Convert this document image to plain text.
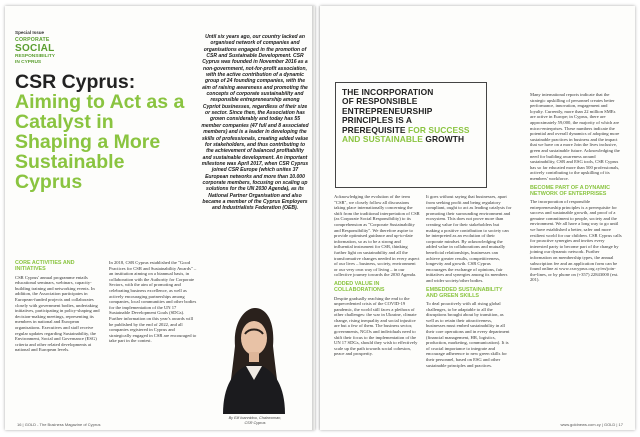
Special Issue
CORPORATE
SOCIAL
RESPONSIBILITY
IN CYPRUS
CSR Cyprus: Aiming to Act as a Catalyst in Shaping a More Sustainable Cyprus

Until six years ago, our country lacked an organised network of companies and organisations engaged in the promotion of CSR and Sustainable Development. CSR Cyprus was founded in November 2016 as a non-government, not-for-profit association, with the active contribution of a dynamic group of 24 founding companies, with the aim of raising awareness and promoting the concepts of corporate sustainability and responsible entrepreneurship among Cypriot businesses, regardless of their size or sector. Since then, the Association has grown considerably and today has 55 member companies (47 full and 8 associated members) and is a leader in developing the skills of professionals, creating added value for stakeholders, and thus contributing to the achievement of balanced profitability and sustainable development. An important milestone was April 2017, when CSR Cyprus joined CSR Europe (which unites 37 European networks and more than 10.000 corporate members, focusing on scaling up solutions for the UN 2030 Agenda), as its National Partner Organisation and also became a member of the Cyprus Employers and Industrialists Federation (OEB).

By Elli Ioannidou, Chairwoman,
CSR Cyprus

CORE ACTIVITIES AND INITIATIVES

CSR Cyprus' annual programme entails educational seminars, webinars, capacity-building training and networking events. In addition, the Association participates in European-funded projects and collaborates closely with government bodies, undertaking initiatives, participating in policy-shaping and decision-making meetings, representing its members in national and European organisations. Executives and staff receive regular updates regarding Sustainability, the Environment, Social and Governance (ESG) criteria and other related developments at national and European levels.

In 2018, CSR Cyprus established the "Good Practices for CSR and Sustainability Awards" – an institution aiming on a biannual basis, in collaboration with the Authority for Corporate Sectors, with the aim of promoting and celebrating business excellence, as well as actively encouraging partnerships among companies, local communities and other bodies for the implementation of the UN 17 Sustainable Development Goals (SDGs). Further information on this year's awards will be published by the end of 2022, and all companies registered in Cyprus and strategically engaged in CSR are encouraged to take part in the contest.

16 | GOLD - The Business Magazine of Cyprus
THE INCORPORATION
OF RESPONSIBLE
ENTREPRENEURSHIP
PRINCIPLES IS A
PREREQUISITE FOR SUCCESS
AND SUSTAINABLE GROWTH

Acknowledging the evolution of the term "CSR", we closely follow all discussions taking place internationally concerning the shift from the traditional interpretation of CSR (as Corporate Social Responsibility) to its comprehension as "Corporate Sustainability and Responsibility". We therefore aspire to provide optimised guidance and up-to-date information, so as to be a strong and influential instrument for CSR, thinking further light on sustainability and all the transformative changes needed in every aspect of our lives – business, society, environment or our very own way of living – in our collective journey towards the 2030 Agenda.

ADDED VALUE IN COLLABORATIONS

Despite gradually reaching the end to the unprecedented crisis of the COVID-19 pandemic, the world still faces a plethora of other challenges: the war in Ukraine, climate change, rising inequality and social injustice are but a few of them. The business sector, governments, NGOs and individuals need to shift their focus to the implementation of the UN 17 SDGs, should they wish to effectively scale up the path towards social cohesion, peace and prosperity.

It goes without saying that businesses, apart from seeking profit and being regulatory compliant, ought to act as leading catalysts for promoting their surrounding environment and ecosystem. This does not prove more than creating value for their stakeholders but making a positive contribution to society can be interpreted as an evolution of their corporate mindset. By acknowledging the added value in collaborations and mutually beneficial relationships, businesses can achieve greater results, competitiveness, longevity and growth. CSR Cyprus encourages the exchange of opinions, fair initiatives and synergies among its members and wider society/other bodies.

EMBEDDED SUSTAINABILITY AND GREEN SKILLS

To deal proactively with all rising global challenges, to be adaptable to all the disruptions brought about by transition, as well as to retain their attractiveness, businesses must embed sustainability in all their core operations and in every department (financial management, HR, logistics, production, marketing, communication). It is of crucial importance to integrate and encourage adherence to new green skills for their personnel, based on ESG and other sustainable principles and practices.

Many international reports indicate that the strategic upskilling of personnel creates better performance, innovation, engagement and loyalty. Currently, more than 22 million SMEs are active in Europe; in Cyprus, there are approximately 59,000, the majority of which are micro-enterprises. These numbers indicate the potential and overall dynamics of adopting more sustainable practices in business and the impact that we have on a more Join the lives inclusive, green and sustainable future. Acknowledging the need for building awareness around sustainability, CSR and ESG tools, CSR Cyprus has so far educated more than 500 professionals, actively contributing to the upskilling of its members' workforce.

BECOME PART OF A DYNAMIC NETWORK OF ENTERPRISES

The incorporation of responsible entrepreneurship principles is a prerequisite for success and sustainable growth, and proof of a genuine commitment to people, society and the environment. We all have a long way to go until we have established a better, safer and more resilient world for our children. CSR Cyprus calls for proactive synergies and invites every interested party to become part of the change by joining our dynamic network. Further information on membership types, the annual subscription fee and an application form can be found online at www.csrcyprus.org.cy/en/join-the-lines, or by phone on (+357) 22843000 (ext. 201).

www.goldnews.com.cy | GOLD | 17
